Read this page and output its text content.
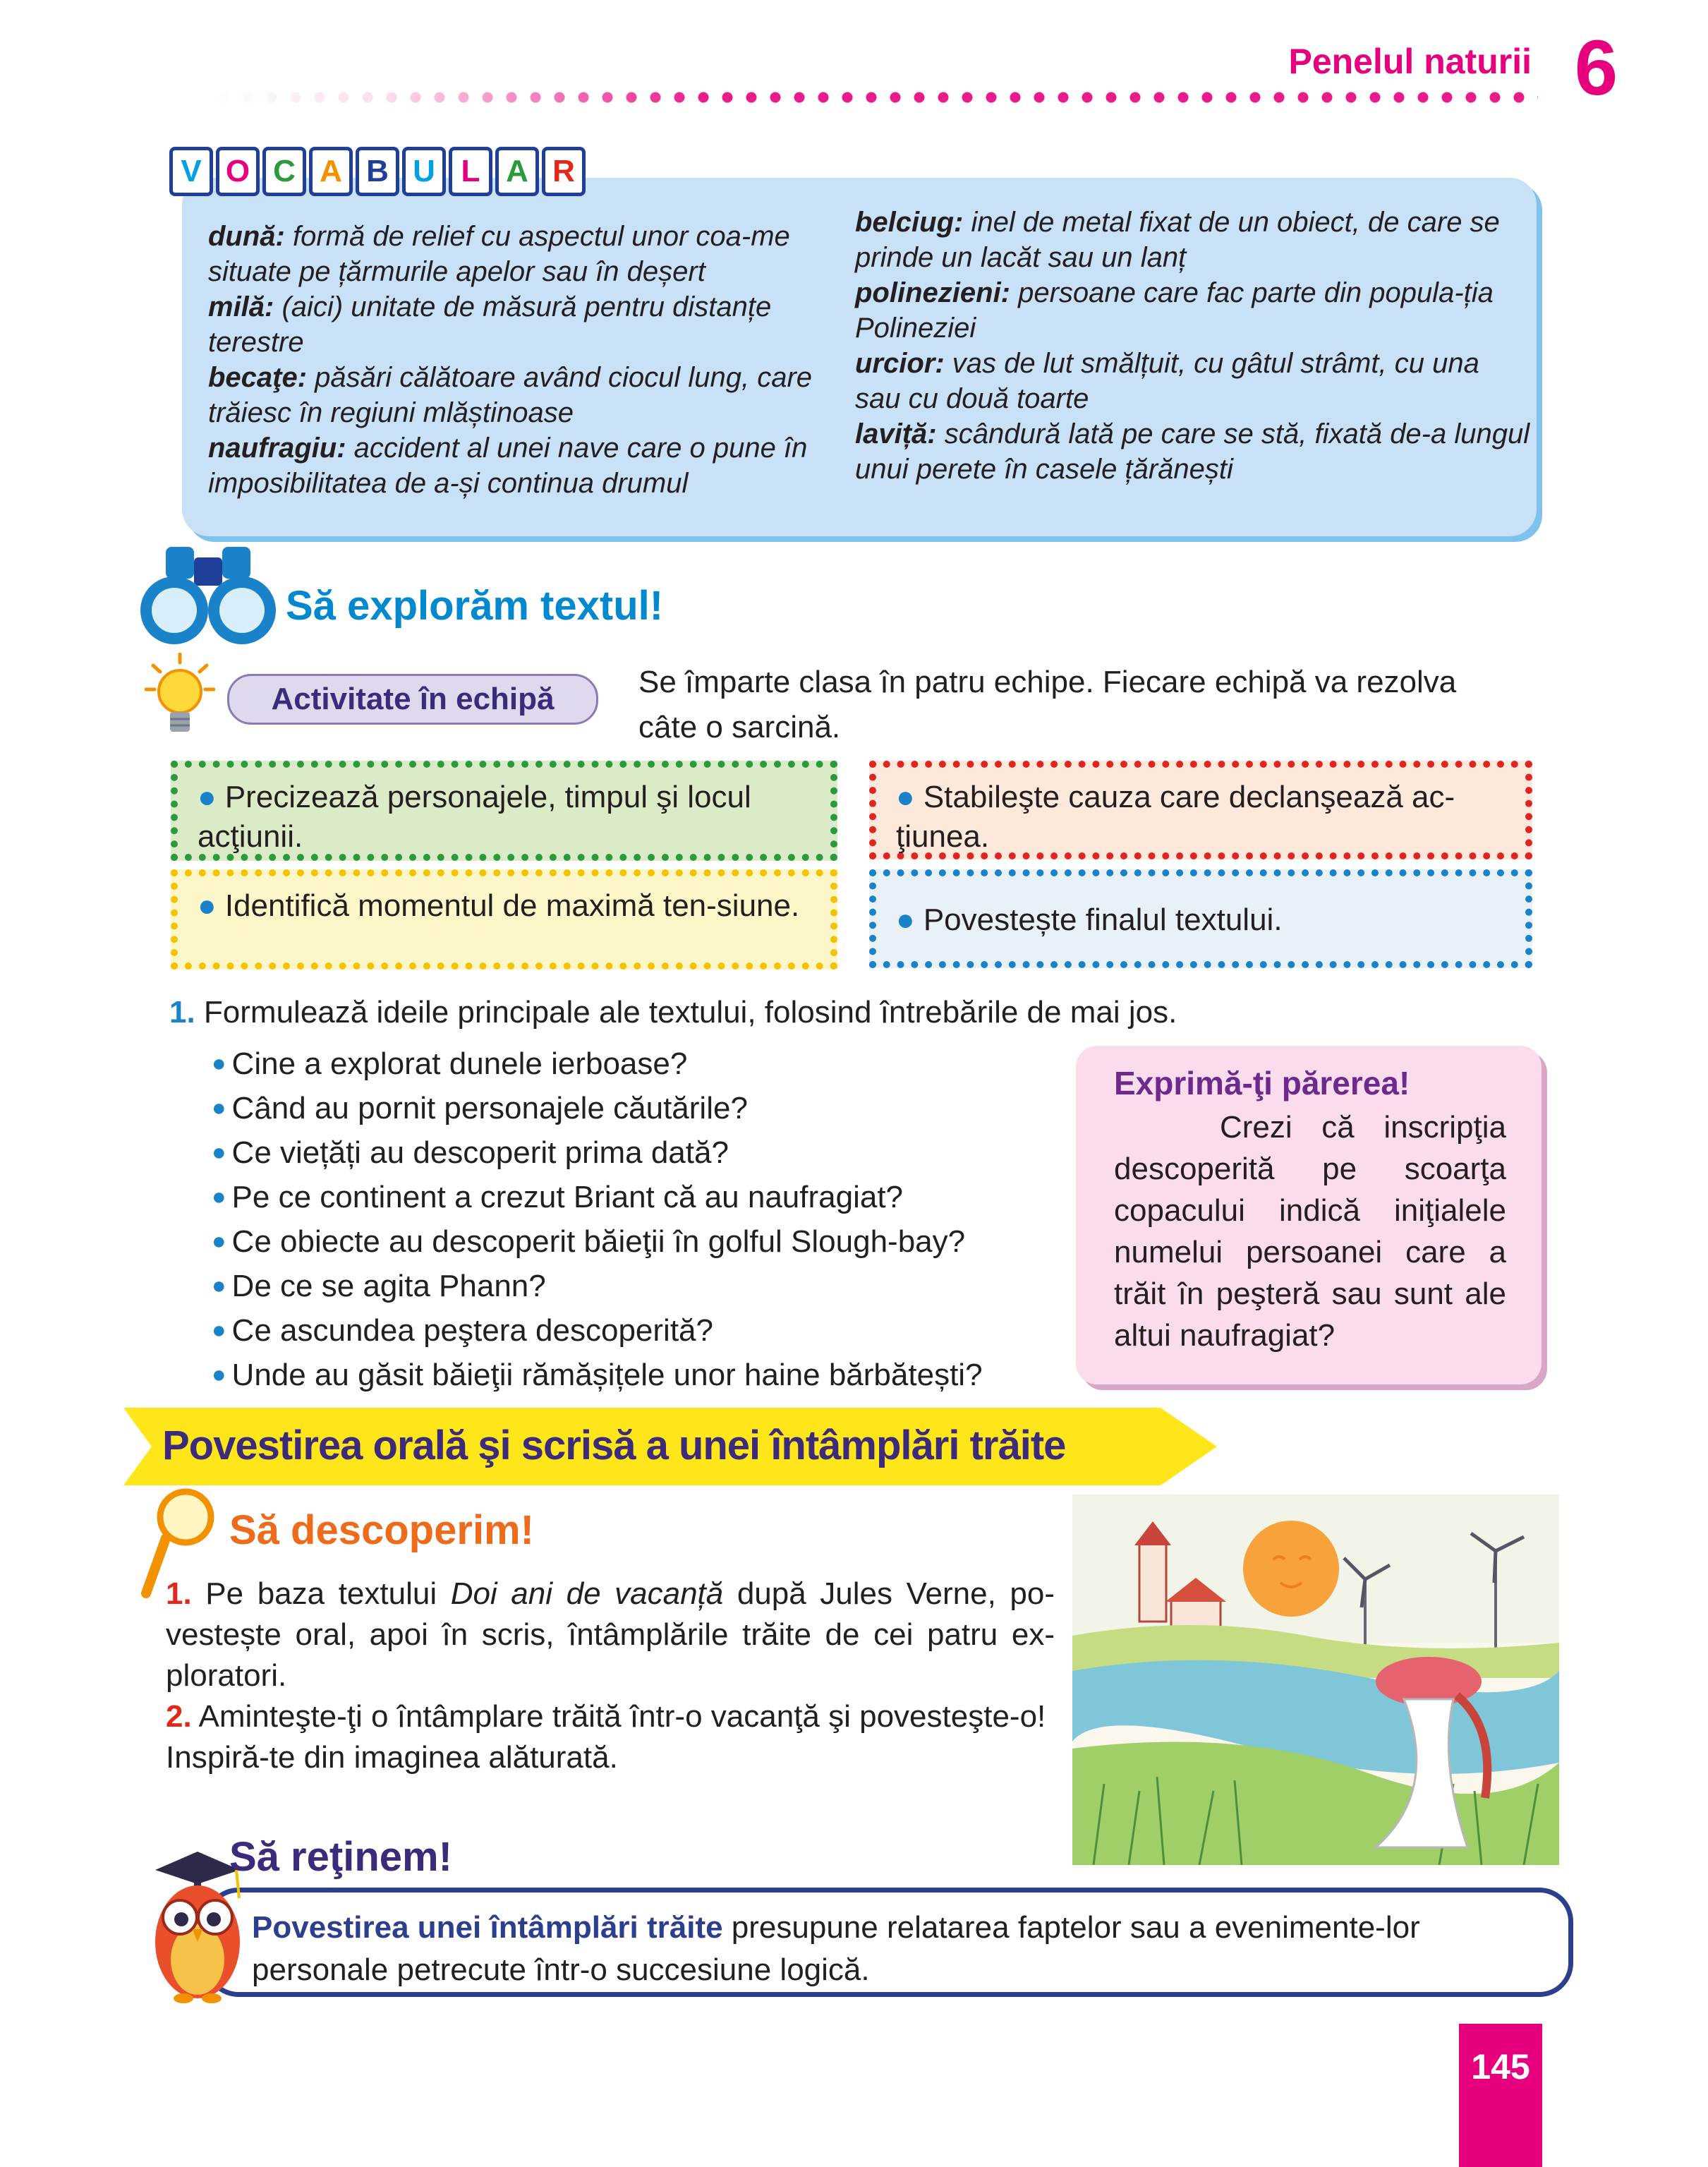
Penelul naturii 6
V O C A B U L A R
dună: formă de relief cu aspectul unor coa-me situate pe țărmurile apelor sau în deșert
milă: (aici) unitate de măsură pentru distanțe terestre
becaţe: păsări călătoare având ciocul lung, care trăiesc în regiuni mlăștinoase
naufragiu: accident al unei nave care o pune în imposibilitatea de a-și continua drumul
belciug: inel de metal fixat de un obiect, de care se prinde un lacăt sau un lanț
polinezieni: persoane care fac parte din popula-ția Polineziei
urcior: vas de lut smălțuit, cu gâtul strâmt, cu una sau cu două toarte
laviță: scândură lată pe care se stă, fixată de-a lungul unui perete în casele țărănești
Să explorăm textul!
Activitate în echipă	Se împarte clasa în patru echipe. Fiecare echipă va rezolva câte o sarcină.
● Precizează personajele, timpul şi locul acţiunii.
● Identifică momentul de maximă ten-siune.
● Stabileşte cauza care declanşează ac-ţiunea.
● Povestește finalul textului.
1. Formulează ideile principale ale textului, folosind întrebările de mai jos.
● Cine a explorat dunele ierboase?
● Când au pornit personajele căutările?
● Ce viețăți au descoperit prima dată?
● Pe ce continent a crezut Briant că au naufragiat?
● Ce obiecte au descoperit băieţii în golful Slough-bay?
● De ce se agita Phann?
● Ce ascundea peştera descoperită?
● Unde au găsit băieţii rămășițele unor haine bărbătești?
Exprimă-ţi părerea!
Crezi că inscripţia descoperită pe scoarţa copacului indică iniţialele numelui persoanei care a trăit în peşteră sau sunt ale altui naufragiat?
Povestirea orală şi scrisă a unei întâmplări trăite
Să descoperim!
1. Pe baza textului Doi ani de vacanță după Jules Verne, po-vestește oral, apoi în scris, întâmplările trăite de cei patru ex-ploratori.
2. Aminteşte-ţi o întâmplare trăită într-o vacanţă şi povesteşte-o! Inspiră-te din imaginea alăturată.
Povestirea unei întâmplări trăite presupune relatarea faptelor sau a evenimente-lor personale petrecute într-o succesiune logică.
Să reţinem!
145
